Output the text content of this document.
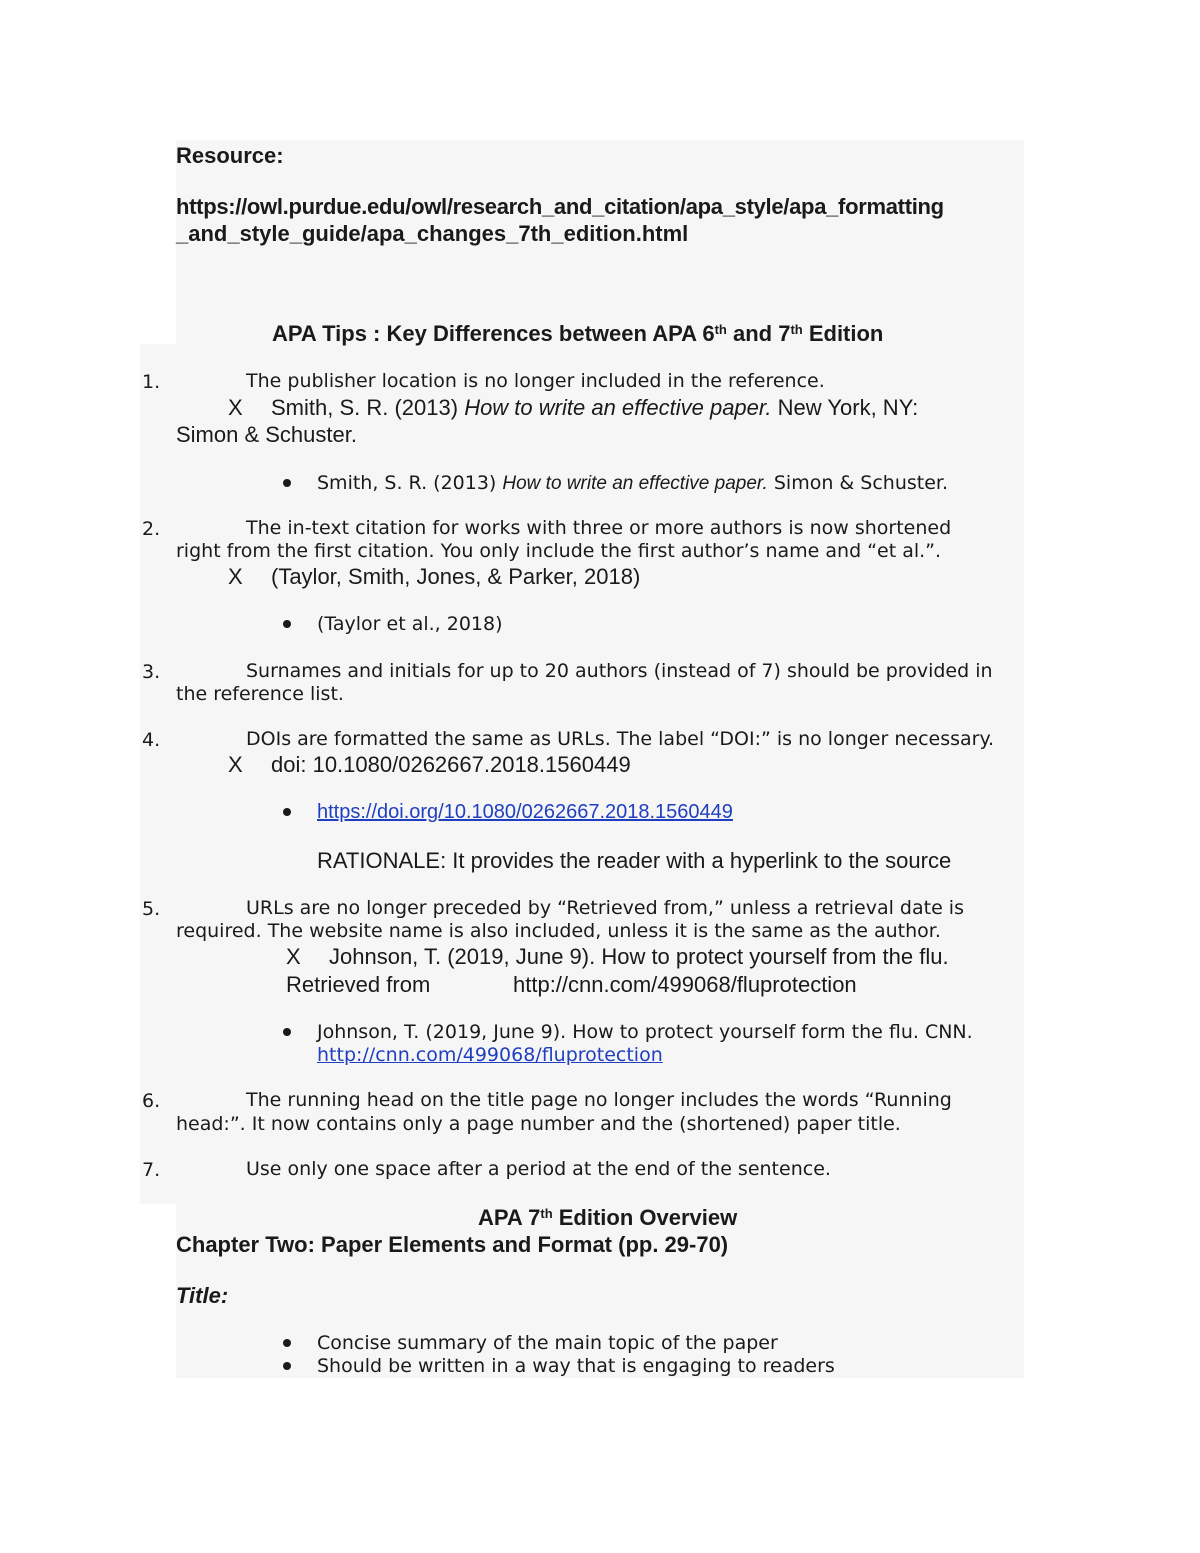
Resource:
https://owl.purdue.edu/owl/research_and_citation/apa_style/apa_formatting
_and_style_guide/apa_changes_7th_edition.html
APA Tips : Key Differences between APA 6th and 7th Edition
1.	The publisher location is no longer included in the reference.
X Smith, S. R. (2013) How to write an effective paper. New York, NY:
Simon & Schuster.
Smith, S. R. (2013) How to write an effective paper. Simon & Schuster.
2.	The in-text citation for works with three or more authors is now shortened
right from the first citation. You only include the first author’s name and “et al.”.
X (Taylor, Smith, Jones, & Parker, 2018)
(Taylor et al., 2018)
3.	Surnames and initials for up to 20 authors (instead of 7) should be provided in
the reference list.
4.	DOIs are formatted the same as URLs. The label “DOI:” is no longer necessary.
X doi: 10.1080/0262667.2018.1560449
https://doi.org/10.1080/0262667.2018.1560449
RATIONALE: It provides the reader with a hyperlink to the source
5.	URLs are no longer preceded by “Retrieved from,” unless a retrieval date is
required. The website name is also included, unless it is the same as the author.
X Johnson, T. (2019, June 9). How to protect yourself from the flu.
Retrieved from	http://cnn.com/499068/fluprotection
Johnson, T. (2019, June 9). How to protect yourself form the flu. CNN.
http://cnn.com/499068/fluprotection
6.	The running head on the title page no longer includes the words “Running
head:”. It now contains only a page number and the (shortened) paper title.
7.	Use only one space after a period at the end of the sentence.
APA 7th Edition Overview
Chapter Two: Paper Elements and Format (pp. 29-70)
Title:
Concise summary of the main topic of the paper
Should be written in a way that is engaging to readers
